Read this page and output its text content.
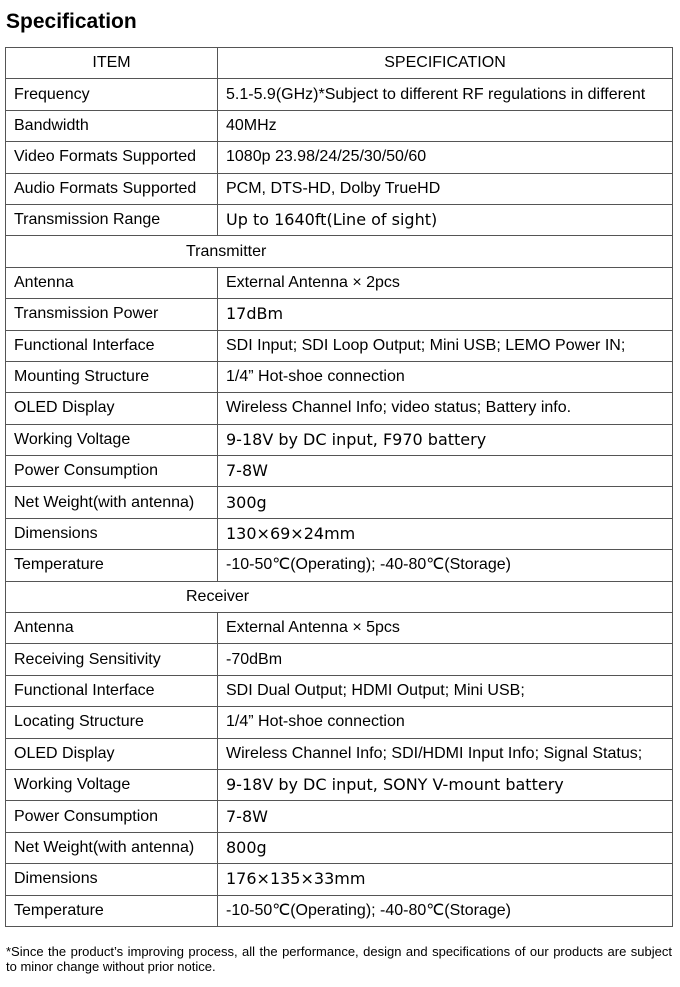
Specification
ITEM	SPECIFICATION
Frequency	5.1-5.9(GHz)*Subject to different RF regulations in different
Bandwidth	40MHz
Video Formats Supported	1080p 23.98/24/25/30/50/60
Audio Formats Supported	PCM, DTS-HD, Dolby TrueHD
Transmission Range	Up to 1640ft(Line of sight)
Transmitter	
Antenna	External Antenna × 2pcs
Transmission Power	17dBm
Functional Interface	SDI Input; SDI Loop Output; Mini USB; LEMO Power IN;
Mounting Structure	1/4” Hot-shoe connection
OLED Display	Wireless Channel Info; video status; Battery info.
Working Voltage	9-18V by DC input, F970 battery
Power Consumption	7-8W
Net Weight(with antenna)	300g
Dimensions	130×69×24mm
Temperature	-10-50℃(Operating); -40-80℃(Storage)
Receiver	
Antenna	External Antenna × 5pcs
Receiving Sensitivity	-70dBm
Functional Interface	SDI Dual Output; HDMI Output; Mini USB;
Locating Structure	1/4” Hot-shoe connection
OLED Display	Wireless Channel Info; SDI/HDMI Input Info; Signal Status;
Working Voltage	9-18V by DC input, SONY V-mount battery
Power Consumption	7-8W
Net Weight(with antenna)	800g
Dimensions	176×135×33mm
Temperature	-10-50℃(Operating); -40-80℃(Storage)

*Since the product’s improving process, all the performance, design and specifications of our products are subject to minor change without prior notice.
